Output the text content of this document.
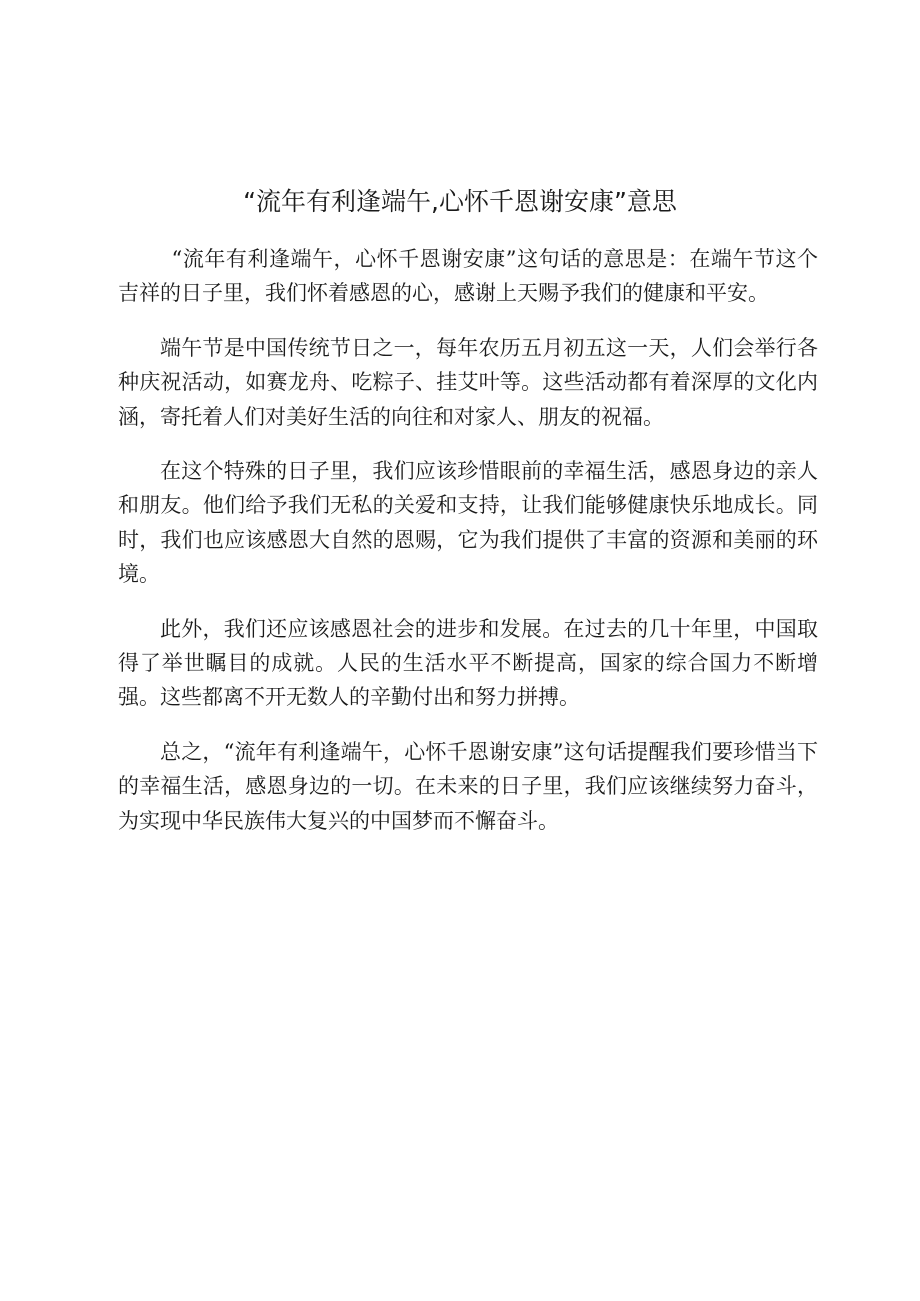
“流年有利逢端午,心怀千恩谢安康”意思

“流年有利逢端午，心怀千恩谢安康”这句话的意思是：在端午节这个吉祥的日子里，我们怀着感恩的心，感谢上天赐予我们的健康和平安。

端午节是中国传统节日之一，每年农历五月初五这一天，人们会举行各种庆祝活动，如赛龙舟、吃粽子、挂艾叶等。这些活动都有着深厚的文化内涵，寄托着人们对美好生活的向往和对家人、朋友的祝福。

在这个特殊的日子里，我们应该珍惜眼前的幸福生活，感恩身边的亲人和朋友。他们给予我们无私的关爱和支持，让我们能够健康快乐地成长。同时，我们也应该感恩大自然的恩赐，它为我们提供了丰富的资源和美丽的环境。

此外，我们还应该感恩社会的进步和发展。在过去的几十年里，中国取得了举世瞩目的成就。人民的生活水平不断提高，国家的综合国力不断增强。这些都离不开无数人的辛勤付出和努力拼搏。

总之，“流年有利逢端午，心怀千恩谢安康”这句话提醒我们要珍惜当下的幸福生活，感恩身边的一切。在未来的日子里，我们应该继续努力奋斗，为实现中华民族伟大复兴的中国梦而不懈奋斗。
